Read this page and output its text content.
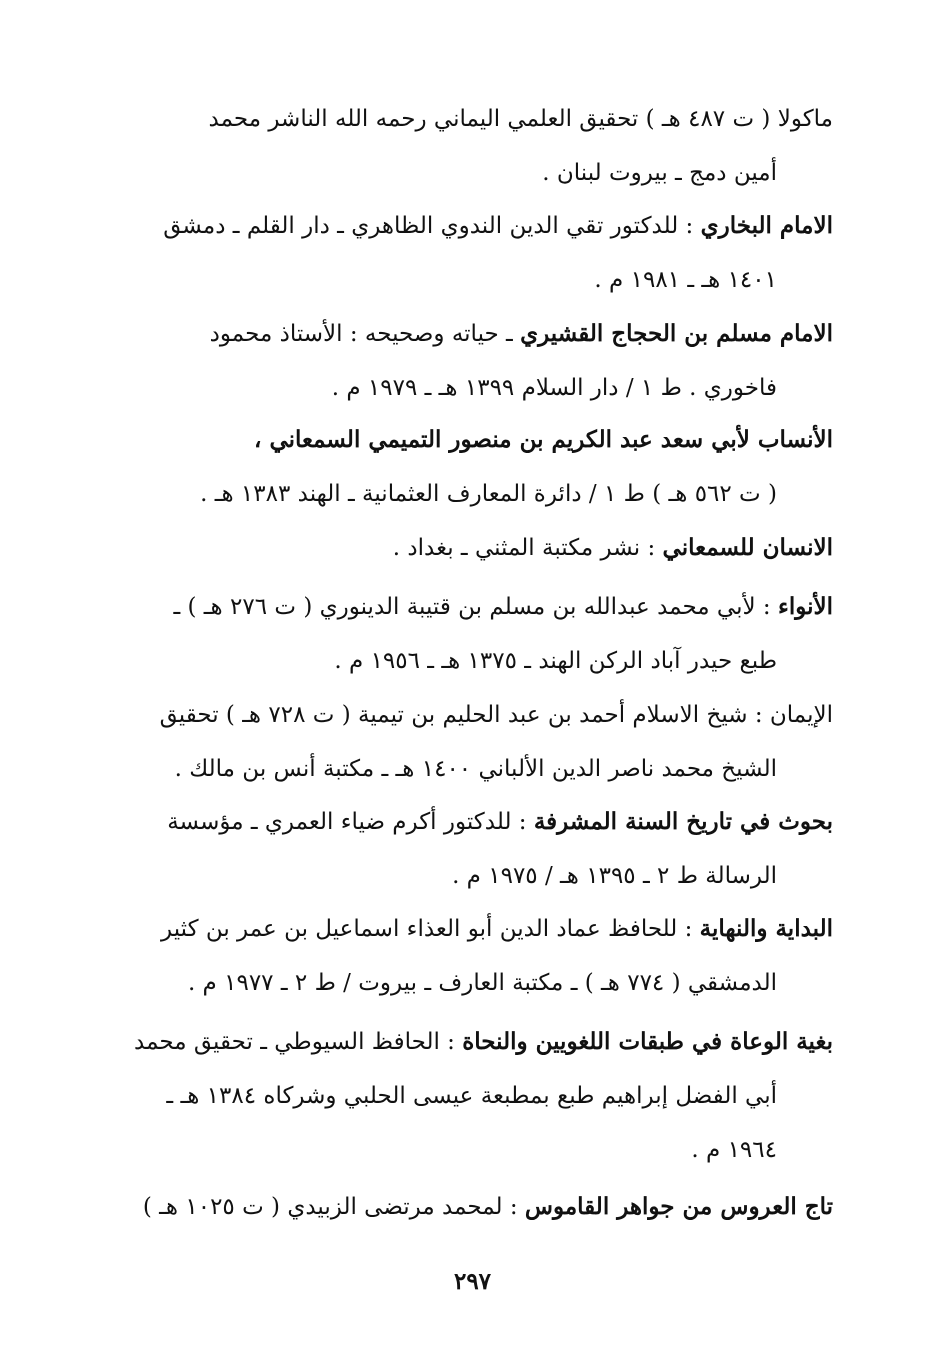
ماكولا ( ت ٤٨٧ هـ ) تحقيق العلمي اليماني رحمه الله الناشر محمد
أمين دمج ـ بيروت لبنان .
الامام البخاري : للدكتور تقي الدين الندوي الظاهري ـ دار القلم ـ دمشق
١٤٠١ هـ ـ ١٩٨١ م .
الامام مسلم بن الحجاج القشيري ـ حياته وصحيحه : الأستاذ محمود
فاخوري . ط ١ / دار السلام ١٣٩٩ هـ ـ ١٩٧٩ م .
الأنساب لأبي سعد عبد الكريم بن منصور التميمي السمعاني ،
( ت ٥٦٢ هـ ) ط ١ / دائرة المعارف العثمانية ـ الهند ١٣٨٣ هـ .
الانسان للسمعاني : نشر مكتبة المثني ـ بغداد .
الأنواء : لأبي محمد عبدالله بن مسلم بن قتيبة الدينوري ( ت ٢٧٦ هـ ) ـ
طبع حيدر آباد الركن الهند ـ ١٣٧٥ هـ ـ ١٩٥٦ م .
الإيمان : شيخ الاسلام أحمد بن عبد الحليم بن تيمية ( ت ٧٢٨ هـ ) تحقيق
الشيخ محمد ناصر الدين الألباني ١٤٠٠ هـ ـ مكتبة أنس بن مالك .
بحوث في تاريخ السنة المشرفة : للدكتور أكرم ضياء العمري ـ مؤسسة
الرسالة ط ٢ ـ ١٣٩٥ هـ / ١٩٧٥ م .
البداية والنهاية : للحافظ عماد الدين أبو العذاء اسماعيل بن عمر بن كثير
الدمشقي ( ٧٧٤ هـ ) ـ مكتبة العارف ـ بيروت / ط ٢ ـ ١٩٧٧ م .
بغية الوعاة في طبقات اللغويين والنحاة : الحافظ السيوطي ـ تحقيق محمد
أبي الفضل إبراهيم طبع بمطبعة عيسى الحلبي وشركاه ١٣٨٤ هـ ـ
١٩٦٤ م .
تاج العروس من جواهر القاموس : لمحمد مرتضى الزبيدي ( ت ١٠٢٥ هـ )
٢٩٧
